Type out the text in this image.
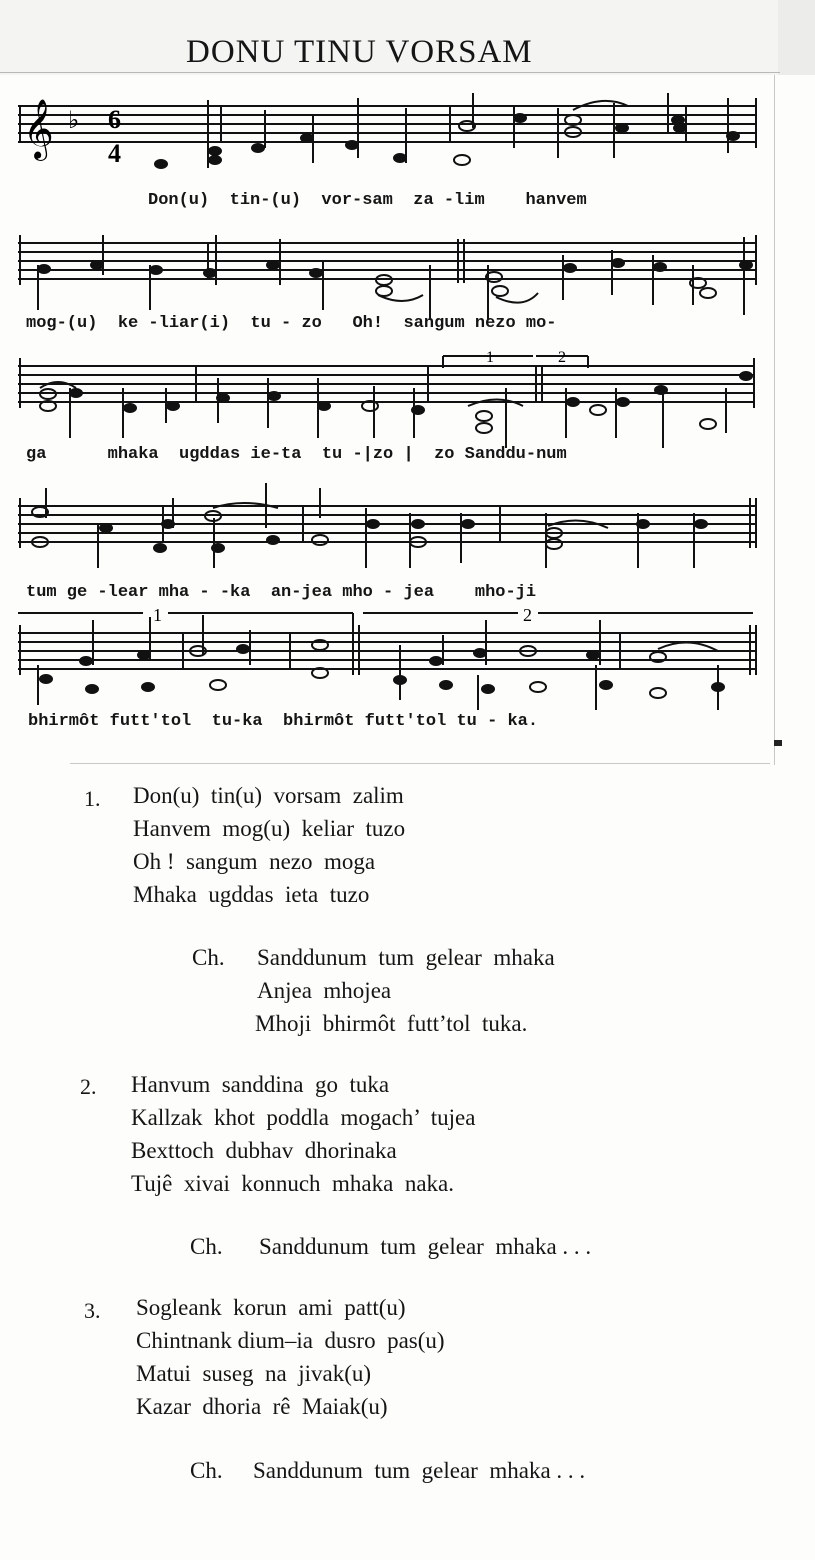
DONU TINU VORSAM
𝄞 ♭ 6
4
Don(u)  tin-(u)  vor-sam  za -lim    hanvem
mog-(u)  ke -liar(i)  tu - zo   Oh!  sangum nezo mo-
1	2
ga      mhaka  ugddas ie-ta  tu -|zo |  zo Sanddu-num
tum ge -lear mha - -ka  an-jea mho - jea    mho-ji
1	2
bhirmôt futt'tol  tu-ka  bhirmôt futt'tol tu - ka.
1. Don(u)  tin(u)  vorsam  zalim
Hanvem  mog(u)  keliar  tuzo
Oh !  sangum  nezo  moga
Mhaka  ugddas  ieta  tuzo
Ch. Sanddunum  tum  gelear  mhaka
Anjea  mhojea
Mhoji  bhirmôt  futt’tol  tuka.
2. Hanvum  sanddina  go  tuka
Kallzak  khot  poddla  mogach’  tujea
Bexttoch  dubhav  dhorinaka
Tujê  xivai  konnuch  mhaka  naka.
Ch. Sanddunum  tum  gelear  mhaka . . .
3. Sogleank  korun  ami  patt(u)
Chintnank dium–ia  dusro  pas(u)
Matui  suseg  na  jivak(u)
Kazar  dhoria  rê  Maiak(u)
Ch. Sanddunum  tum  gelear  mhaka . . .
